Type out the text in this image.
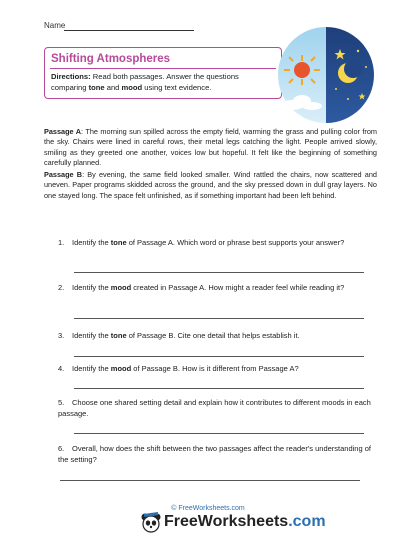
Name
Shifting Atmospheres
Directions: Read both passages. Answer the questions comparing tone and mood using text evidence.
Passage A: The morning sun spilled across the empty field, warming the grass and pulling color from the sky. Chairs were lined in careful rows, their metal legs catching the light. People arrived slowly, smiling as they greeted one another, voices low but hopeful. It felt like the beginning of something carefully planned.
Passage B: By evening, the same field looked smaller. Wind rattled the chairs, now scattered and uneven. Paper programs skidded across the ground, and the sky pressed down in dull gray layers. No one stayed long. The space felt unfinished, as if something important had been left behind.
1. Identify the tone of Passage A. Which word or phrase best supports your answer?
2. Identify the mood created in Passage A. How might a reader feel while reading it?
3. Identify the tone of Passage B. Cite one detail that helps establish it.
4. Identify the mood of Passage B. How is it different from Passage A?
5. Choose one shared setting detail and explain how it contributes to different moods in each passage.
6. Overall, how does the shift between the two passages affect the reader's understanding of the setting?
© FreeWorksheets.com
FreeWorksheets.com
